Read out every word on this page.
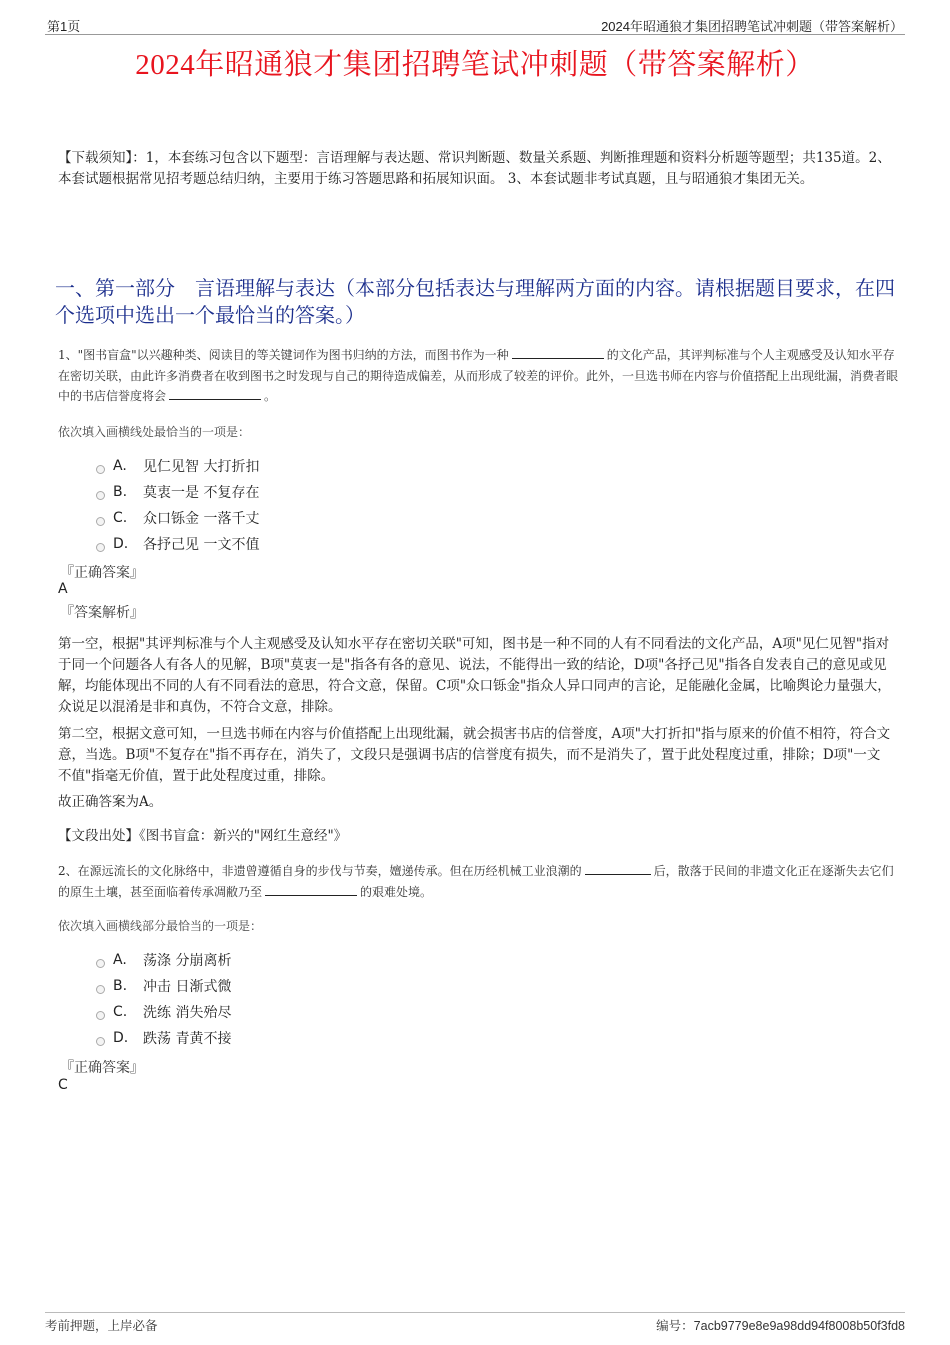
第1页	2024年昭通狼才集团招聘笔试冲刺题（带答案解析）
2024年昭通狼才集团招聘笔试冲刺题（带答案解析）
【下载须知】：1，本套练习包含以下题型：言语理解与表达题、常识判断题、数量关系题、判断推理题和资料分析题等题型；共135道。2、本套试题根据常见招考题总结归纳，主要用于练习答题思路和拓展知识面。 3、本套试题非考试真题，且与昭通狼才集团无关。
一、第一部分　言语理解与表达（本部分包括表达与理解两方面的内容。请根据题目要求，在四个选项中选出一个最恰当的答案。）
1、"图书盲盒"以兴趣种类、阅读目的等关键词作为图书归纳的方法，而图书作为一种	的文化产品，其评判标准与个人主观感受及认知水平存在密切关联，由此许多消费者在收到图书之时发现与自己的期待造成偏差，从而形成了较差的评价。此外，一旦选书师在内容与价值搭配上出现纰漏，消费者眼中的书店信誉度将会	。
依次填入画横线处最恰当的一项是：
A.	见仁见智 大打折扣
B.	莫衷一是 不复存在
C.	众口铄金 一落千丈
D.	各抒己见 一文不值
『正确答案』
A
『答案解析』
第一空，根据"其评判标准与个人主观感受及认知水平存在密切关联"可知，图书是一种不同的人有不同看法的文化产品，A项"见仁见智"指对于同一个问题各人有各人的见解，B项"莫衷一是"指各有各的意见、说法，不能得出一致的结论，D项"各抒己见"指各自发表自己的意见或见解，均能体现出不同的人有不同看法的意思，符合文意，保留。C项"众口铄金"指众人异口同声的言论，足能融化金属，比喻舆论力量强大，众说足以混淆是非和真伪，不符合文意，排除。
第二空，根据文意可知，一旦选书师在内容与价值搭配上出现纰漏，就会损害书店的信誉度，A项"大打折扣"指与原来的价值不相符，符合文意，当选。B项"不复存在"指不再存在，消失了，文段只是强调书店的信誉度有损失，而不是消失了，置于此处程度过重，排除；D项"一文不值"指毫无价值，置于此处程度过重，排除。
故正确答案为A。
【文段出处】《图书盲盒：新兴的"网红生意经"》
2、在源远流长的文化脉络中，非遗曾遵循自身的步伐与节奏，嬗递传承。但在历经机械工业浪潮的	后，散落于民间的非遗文化正在逐渐失去它们的原生土壤，甚至面临着传承凋敝乃至	的艰难处境。
依次填入画横线部分最恰当的一项是：
A.	荡涤 分崩离析
B.	冲击 日渐式微
C.	洗练 消失殆尽
D.	跌荡 青黄不接
『正确答案』
C
考前押题，上岸必备	编号：7acb9779e8e9a98dd94f8008b50f3fd8
